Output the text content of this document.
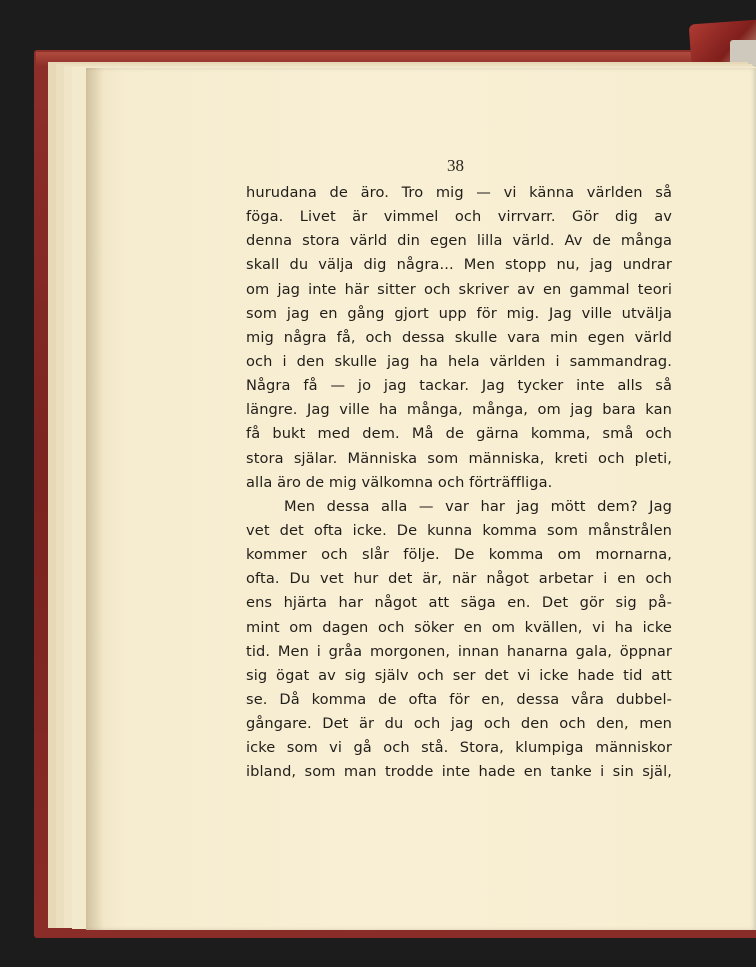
38
hurudana de äro. Tro mig — vi känna världen så
föga. Livet är vimmel och virrvarr. Gör dig av
denna stora värld din egen lilla värld. Av de många
skall du välja dig några... Men stopp nu, jag undrar
om jag inte här sitter och skriver av en gammal teori
som jag en gång gjort upp för mig. Jag ville utvälja
mig några få, och dessa skulle vara min egen värld
och i den skulle jag ha hela världen i sammandrag.
Några få — jo jag tackar. Jag tycker inte alls så
längre. Jag ville ha många, många, om jag bara kan
få bukt med dem. Må de gärna komma, små och
stora själar. Människa som människa, kreti och pleti,
alla äro de mig välkomna och förträffliga.
Men dessa alla — var har jag mött dem? Jag
vet det ofta icke. De kunna komma som månstrålen
kommer och slår följe. De komma om mornarna,
ofta. Du vet hur det är, när något arbetar i en och
ens hjärta har något att säga en. Det gör sig på-
mint om dagen och söker en om kvällen, vi ha icke
tid. Men i gråa morgonen, innan hanarna gala, öppnar
sig ögat av sig själv och ser det vi icke hade tid att
se. Då komma de ofta för en, dessa våra dubbel-
gångare. Det är du och jag och den och den, men
icke som vi gå och stå. Stora, klumpiga människor
ibland, som man trodde inte hade en tanke i sin själ,
